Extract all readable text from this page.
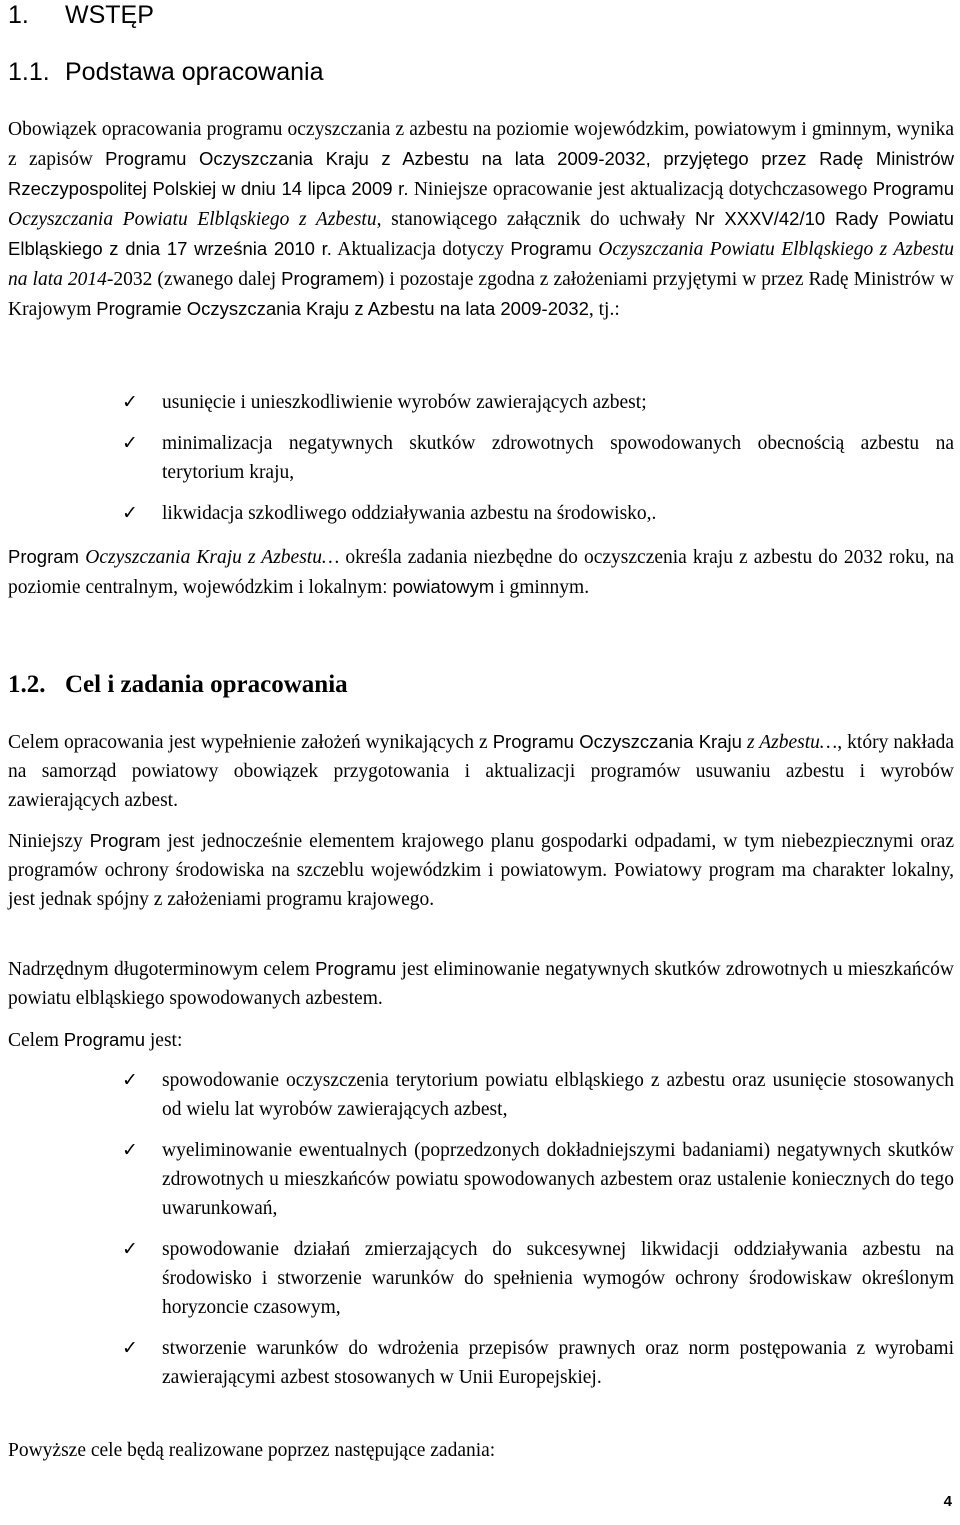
1. WSTĘP
1.1. Podstawa opracowania

Obowiązek opracowania programu oczyszczania z azbestu na poziomie wojewódzkim, powiatowym i gminnym, wynika z zapisów Programu Oczyszczania Kraju z Azbestu na lata 2009-2032, przyjętego przez Radę Ministrów Rzeczypospolitej Polskiej w dniu 14 lipca 2009 r. Niniejsze opracowanie jest aktualizacją dotychczasowego Programu Oczyszczania Powiatu Elbląskiego z Azbestu, stanowiącego załącznik do uchwały Nr XXXV/42/10 Rady Powiatu Elbląskiego z dnia 17 września 2010 r. Aktualizacja dotyczy Programu Oczyszczania Powiatu Elbląskiego z Azbestu na lata 2014-2032 (zwanego dalej Programem) i pozostaje zgodna z założeniami przyjętymi w przez Radę Ministrów w Krajowym Programie Oczyszczania Kraju z Azbestu na lata 2009-2032, tj.:

✓ usunięcie i unieszkodliwienie wyrobów zawierających azbest;
✓ minimalizacja negatywnych skutków zdrowotnych spowodowanych obecnością azbestu na terytorium kraju,
✓ likwidacja szkodliwego oddziaływania azbestu na środowisko,.

Program Oczyszczania Kraju z Azbestu… określa zadania niezbędne do oczyszczenia kraju z azbestu do 2032 roku, na poziomie centralnym, wojewódzkim i lokalnym: powiatowym i gminnym.

1.2. Cel i zadania opracowania

Celem opracowania jest wypełnienie założeń wynikających z Programu Oczyszczania Kraju z Azbestu…, który nakłada na samorząd powiatowy obowiązek przygotowania i aktualizacji programów usuwaniu azbestu i wyrobów zawierających azbest.

Niniejszy Program jest jednocześnie elementem krajowego planu gospodarki odpadami, w tym niebezpiecznymi oraz programów ochrony środowiska na szczeblu wojewódzkim i powiatowym. Powiatowy program ma charakter lokalny, jest jednak spójny z założeniami programu krajowego.

Nadrzędnym długoterminowym celem Programu jest eliminowanie negatywnych skutków zdrowotnych u mieszkańców powiatu elbląskiego spowodowanych azbestem.

Celem Programu jest:

✓ spowodowanie oczyszczenia terytorium powiatu elbląskiego z azbestu oraz usunięcie stosowanych od wielu lat wyrobów zawierających azbest,
✓ wyeliminowanie ewentualnych (poprzedzonych dokładniejszymi badaniami) negatywnych skutków zdrowotnych u mieszkańców powiatu spowodowanych azbestem oraz ustalenie koniecznych do tego uwarunkowań,
✓ spowodowanie działań zmierzających do sukcesywnej likwidacji oddziaływania azbestu na środowisko i stworzenie warunków do spełnienia wymogów ochrony środowiskaw określonym horyzoncie czasowym,
✓ stworzenie warunków do wdrożenia przepisów prawnych oraz norm postępowania z wyrobami zawierającymi azbest stosowanych w Unii Europejskiej.

Powyższe cele będą realizowane poprzez następujące zadania:

4
